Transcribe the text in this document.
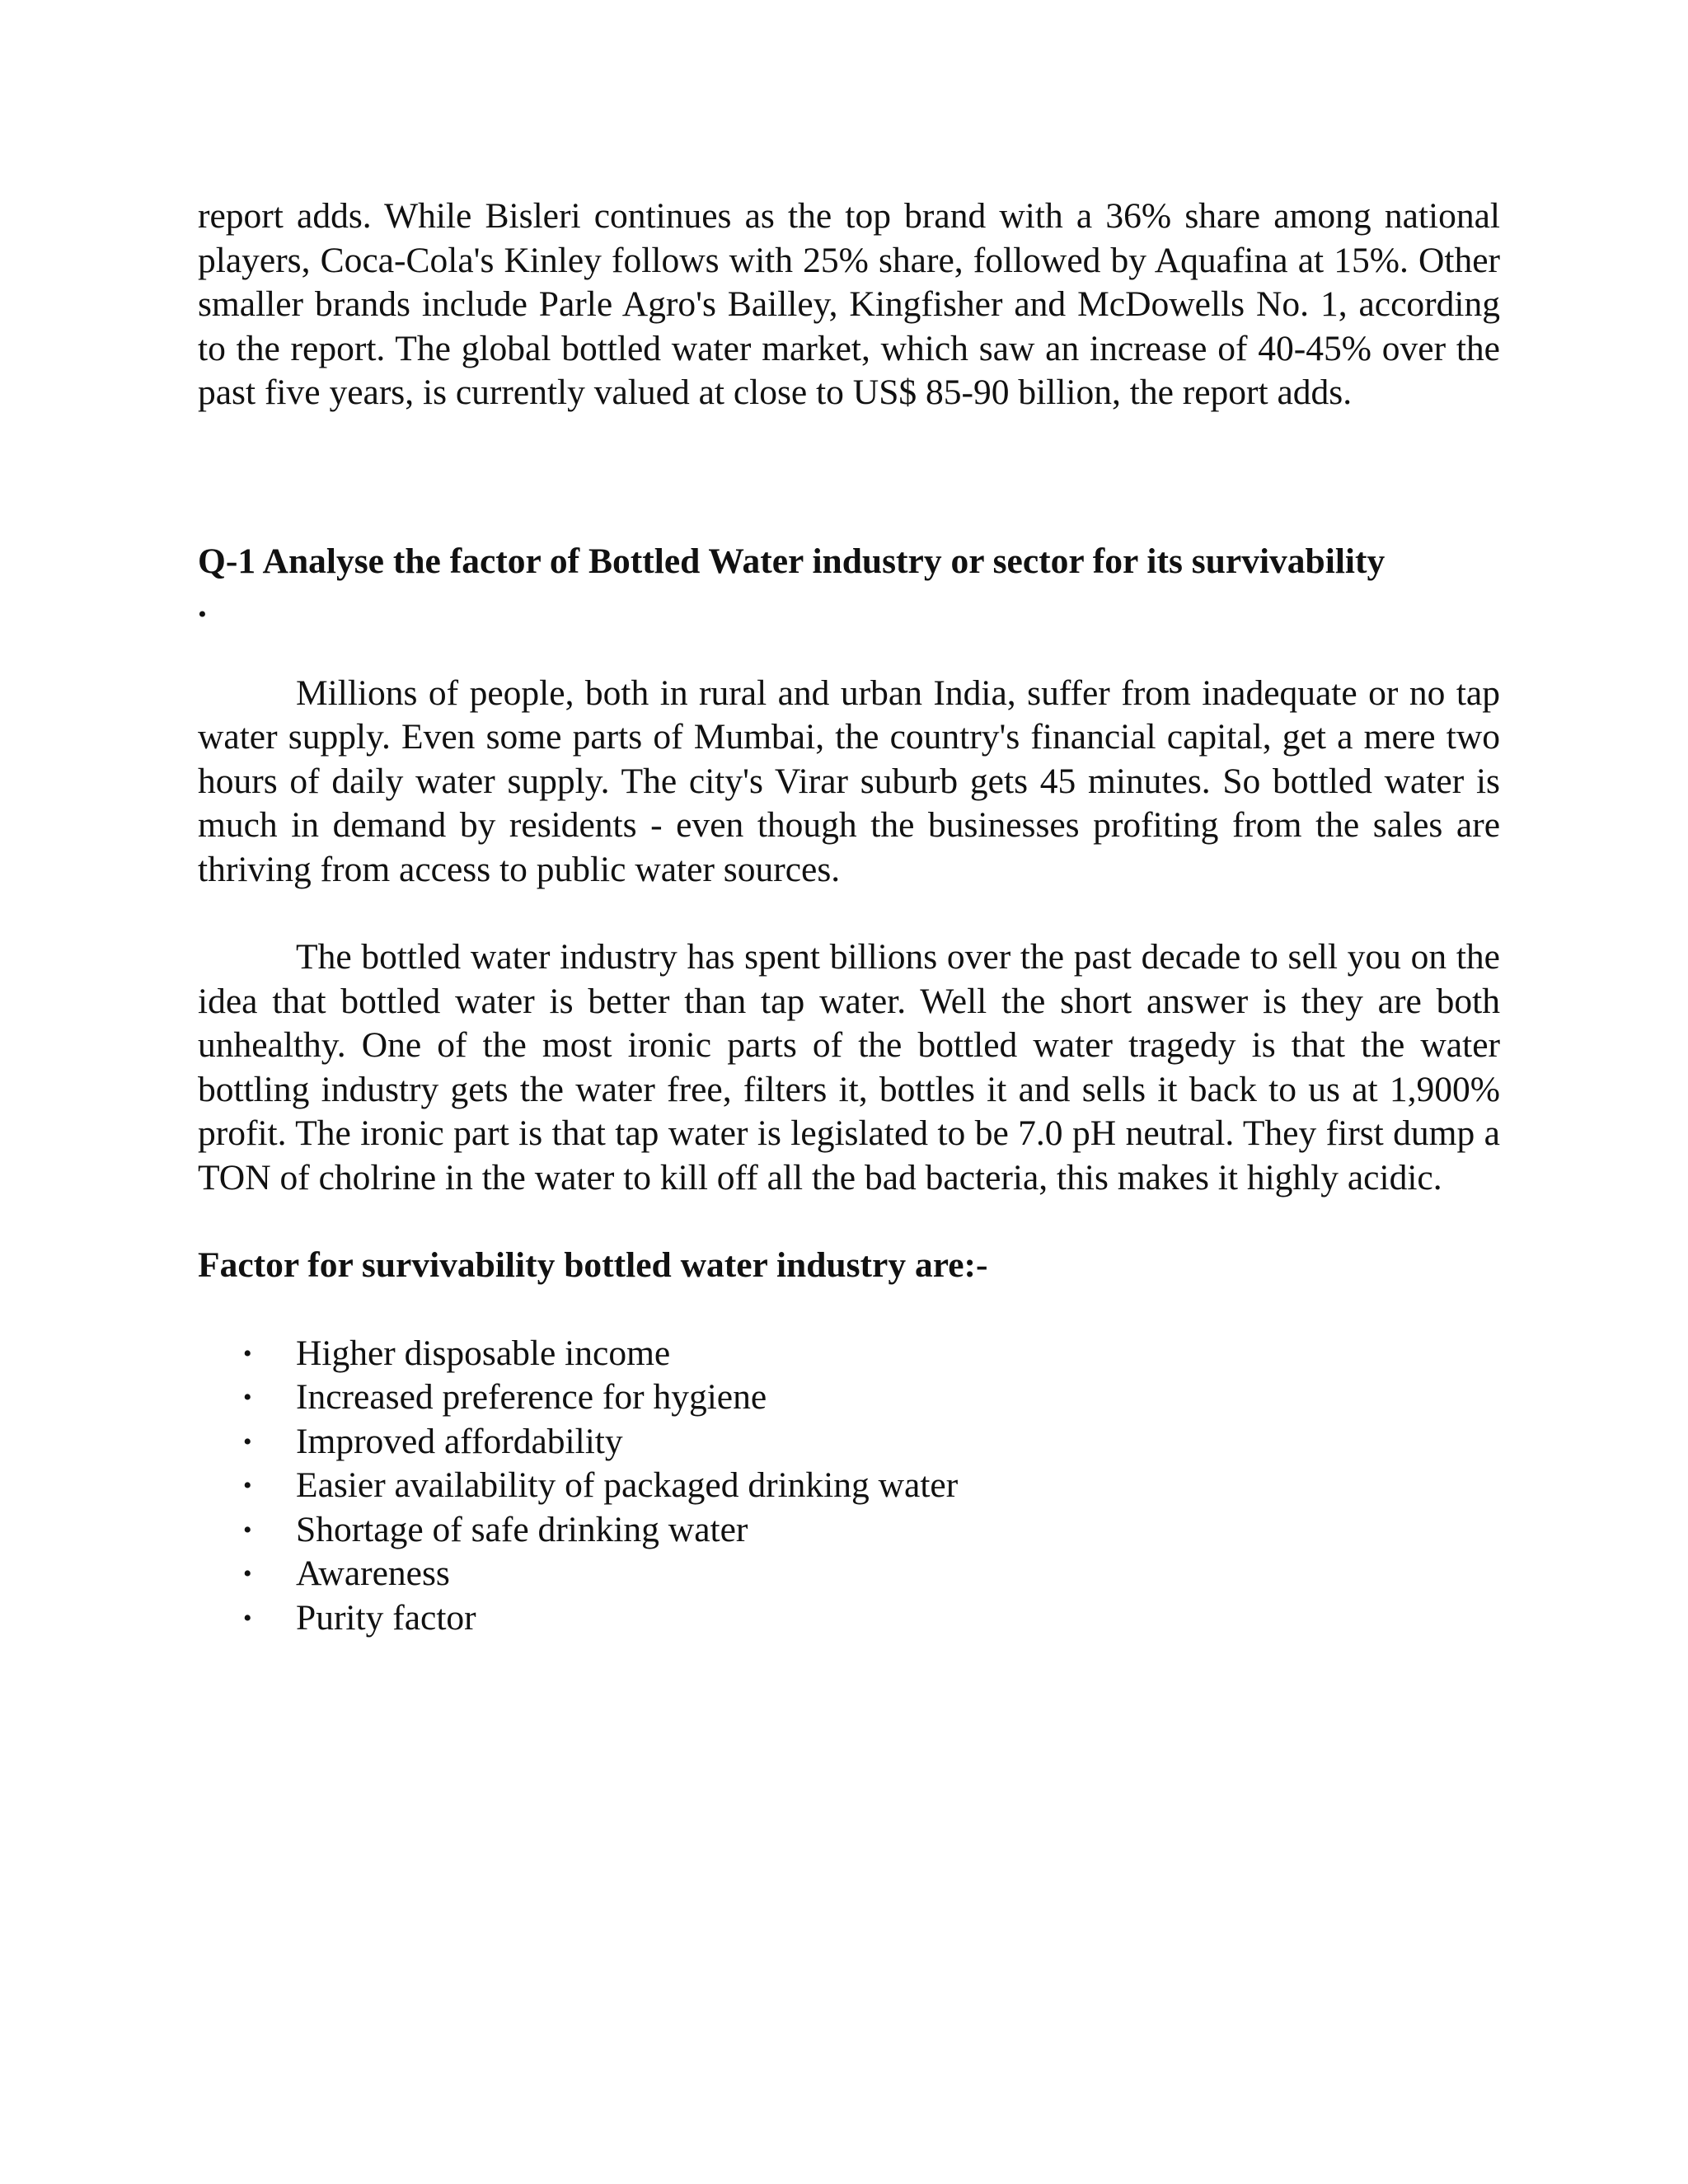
report adds. While Bisleri continues as the top brand with a 36% share among national players, Coca-Cola's Kinley follows with 25% share, followed by Aquafina at 15%. Other smaller brands include Parle Agro's Bailley, Kingfisher and McDowells No. 1, according to the report. The global bottled water market, which saw an increase of 40-45% over the past five years, is currently valued at close to US$ 85-90 billion, the report adds.

Q-1 Analyse the factor of Bottled Water industry or sector for its survivability

.

Millions of people, both in rural and urban India, suffer from inadequate or no tap water supply. Even some parts of Mumbai, the country's financial capital, get a mere two hours of daily water supply. The city's Virar suburb gets 45 minutes. So bottled water is much in demand by residents - even though the businesses profiting from the sales are thriving from access to public water sources.

The bottled water industry has spent billions over the past decade to sell you on the idea that bottled water is better than tap water. Well the short answer is they are both unhealthy. One of the most ironic parts of the bottled water tragedy is that the water bottling industry gets the water free, filters it, bottles it and sells it back to us at 1,900% profit. The ironic part is that tap water is legislated to be 7.0 pH neutral. They first dump a TON of cholrine in the water to kill off all the bad bacteria, this makes it highly acidic.

Factor for survivability bottled water industry are:-

• Higher disposable income
• Increased preference for hygiene
• Improved affordability
• Easier availability of packaged drinking water
• Shortage of safe drinking water
• Awareness
• Purity factor
